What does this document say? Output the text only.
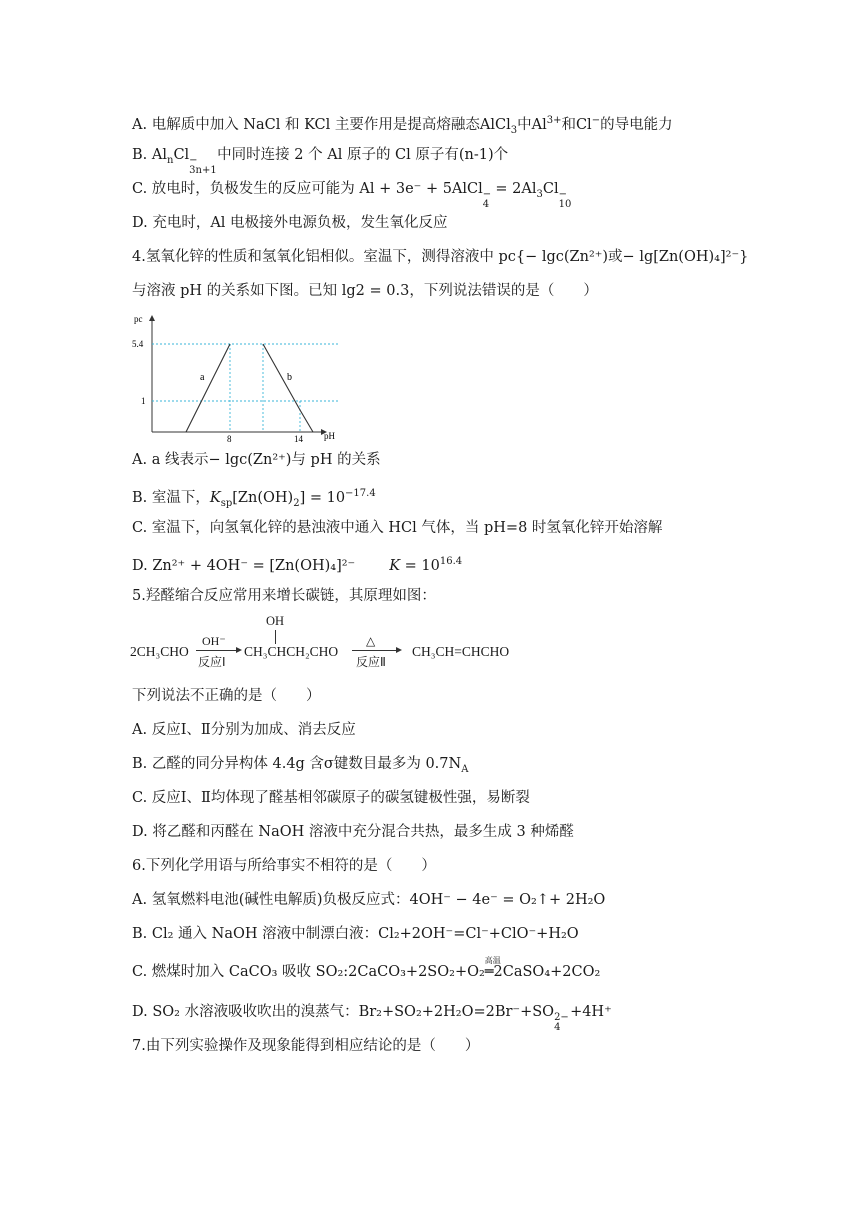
A. 电解质中加入 NaCl 和 KCl 主要作用是提高熔融态AlCl$_3$中$Al^{3+}$和Cl−的导电能力
B. $Al_nCl$ −
3n+1
中同时连接 2 个 Al 原子的 Cl 原子有(n-1)个
C. 放电时，负极发生的反应可能为 Al + 3e⁻ + 5AlCl −
4
= $2Al_3Cl$ −
10
D. 充电时，Al 电极接外电源负极，发生氧化反应
4.氢氧化锌的性质和氢氧化铝相似。室温下，测得溶液中 pc{− lgc(Zn²⁺)或− lg[Zn(OH)₄]²⁻}
与溶液 pH 的关系如下图。已知 lg2 = 0.3，下列说法错误的是（　　）
pc
pH
a	b
5.4
1
8	14
A. a 线表示− lgc(Zn²⁺)与 pH 的关系
B. 室温下，$K_{sp}[Zn(OH)_2] = 10^{-17.4}$
C. 室温下，向氢氧化锌的悬浊液中通入 HCl 气体，当 pH=8 时氢氧化锌开始溶解
D. Zn²⁺ + 4OH⁻ = [Zn(OH)₄]²⁻ $K = 10^{16.4}$
5.羟醛缩合反应常用来增长碳链，其原理如图：
2CH₃CHO
OH⁻
反应Ⅰ
OH
CH₃CHCH₂CHO
△
反应Ⅱ
CH₃CH=CHCHO
下列说法不正确的是（　　）
A. 反应Ⅰ、Ⅱ分别为加成、消去反应
B. 乙醛的同分异构体 4.4g 含σ键数目最多为 $0.7N_A$
C. 反应Ⅰ、Ⅱ均体现了醛基相邻碳原子的碳氢键极性强，易断裂
D. 将乙醛和丙醛在 NaOH 溶液中充分混合共热，最多生成 3 种烯醛
6.下列化学用语与所给事实不相符的是（　　）
A. 氢氧燃料电池(碱性电解质)负极反应式：4OH⁻ − 4e⁻ = O₂↑+ 2H₂O
B. Cl₂ 通入 NaOH 溶液中制漂白液：Cl₂+2OH⁻=Cl⁻+ClO⁻+H₂O
C. 燃煤时加入 CaCO₃ 吸收 SO₂:2CaCO₃+2SO₂+O₂
高温
═2CaSO₄+2CO₂
D. SO₂ 水溶液吸收吹出的溴蒸气：Br₂+SO₂+2H₂O=2Br⁻+SO 2−
4
+4H⁺
7.由下列实验操作及现象能得到相应结论的是（　　）
